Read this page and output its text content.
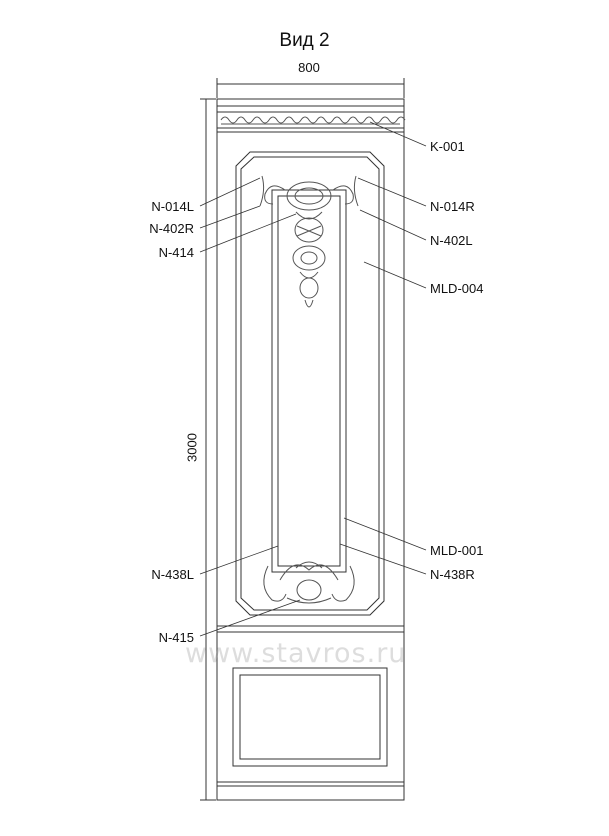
Вид 2
800
3000
K-001
N-014R
N-402L
MLD-004
MLD-001
N-438R
N-014L
N-402R
N-414
N-438L
N-415
www.stavros.ru
